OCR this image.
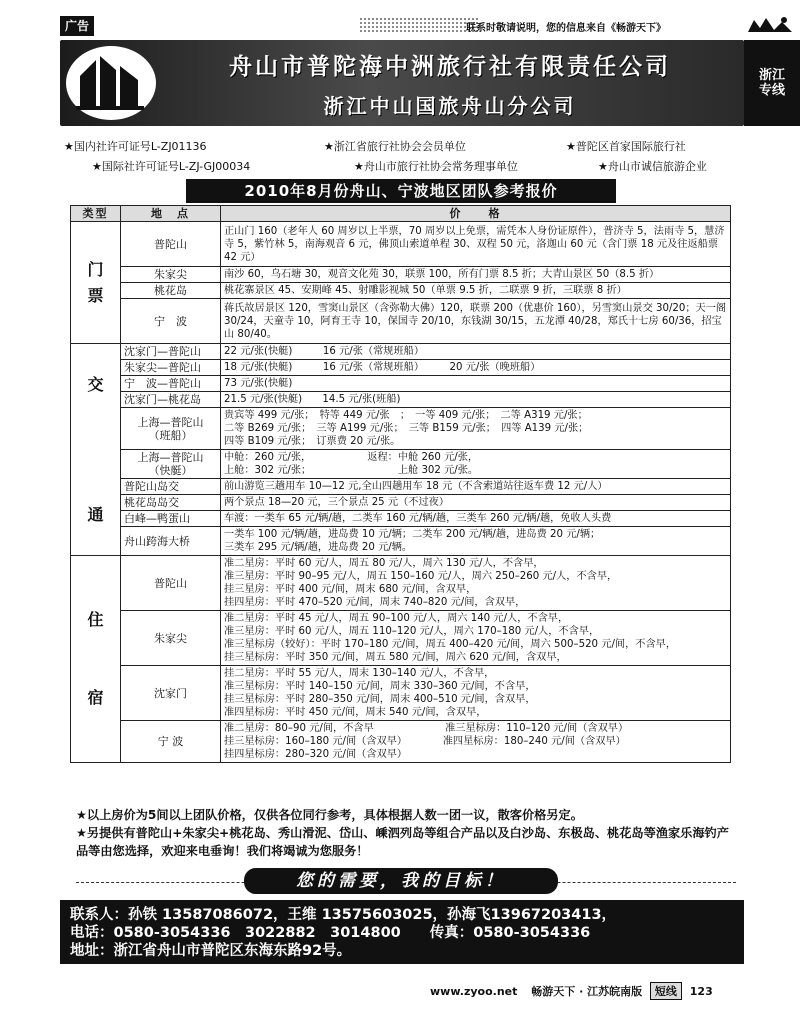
广告	联系时敬请说明，您的信息来自《畅游天下》
舟山市普陀海中洲旅行社有限责任公司
浙江中山国旅舟山分公司
浙江专线
★国内社许可证号L-ZJ01136	★浙江省旅行社协会会员单位	★普陀区首家国际旅行社
★国际社许可证号L-ZJ-GJ00034	★舟山市旅行社协会常务理事单位	★舟山市诚信旅游企业
2010年8月份舟山、宁波地区团队参考报价
类型	地　点	价　　格
门
票	普陀山	正山门 160（老年人 60 周岁以上半票，70 周岁以上免票，需凭本人身份证原件），普济寺 5，法雨寺 5，慧济寺 5，紫竹林 5，南海观音 6 元，佛顶山索道单程 30、双程 50 元，洛迦山 60 元（含门票 18 元及往返船票 42 元）
	朱家尖	南沙 60，乌石塘 30，观音文化苑 30，联票 100，所有门票 8.5 折；大青山景区 50（8.5 折）
	桃花岛	桃花寨景区 45、安期峰 45、射雕影视城 50（单票 9.5 折，二联票 9 折，三联票 8 折）
	宁　波	蒋氏故居景区 120，雪窦山景区（含弥勒大佛）120，联票 200（优惠价 160），另雪窦山景交 30/20；天一阁 30/24，天童寺 10，阿育王寺 10，保国寺 20/10，东钱湖 30/15，五龙潭 40/28，郑氏十七房 60/36，招宝山 80/40。
交

通	沈家门—普陀山	22 元/张(快艇)　　　16 元/张（常规班船）
	朱家尖—普陀山	18 元/张(快艇)　　　16 元/张（常规班船）　　　20 元/张（晚班船）
	宁　波—普陀山	73 元/张(快艇)
	沈家门—桃花岛	21.5 元/张(快艇)　　14.5 元/张(班船)
	上海—普陀山
（班船）	贵宾等 499 元/张；　特等 449 元/张　；　一等 409 元/张；　二等 A319 元/张；
二等 B269 元/张；　三等 A199 元/张；　三等 B159 元/张；　四等 A139 元/张；
四等 B109 元/张；　订票费 20 元/张。
	上海—普陀山
（快艇）	中舱：260 元/张，　　　　　　返程：中舱 260 元/张，
上舱：302 元/张；　　　　　　　　　上舱 302 元/张。
	普陀山岛交	前山游览三趟用车 10—12 元,全山四趟用车 18 元（不含索道站往返车费 12 元/人）
	桃花岛岛交	两个景点 18—20 元，三个景点 25 元（不过夜）
	白峰—鸭蛋山	车渡：一类车 65 元/辆/趟，二类车 160 元/辆/趟，三类车 260 元/辆/趟，免收人头费
	舟山跨海大桥	一类车 100 元/辆/趟，进岛费 10 元/辆；二类车 200 元/辆/趟，进岛费 20 元/辆；
三类车 295 元/辆/趟，进岛费 20 元/辆。
住

宿	普陀山	准二星房：平时 60 元/人，周五 80 元/人，周六 130 元/人，不含早，
准三星房：平时 90–95 元/人，周五 150–160 元/人，周六 250–260 元/人，不含早，
挂三星房：平时 400 元/间，周末 680 元/间，含双早，
挂四星房：平时 470–520 元/间，周末 740–820 元/间，含双早，
	朱家尖	准二星房：平时 45 元/人，周五 90–100 元/人，周六 140 元/人，不含早，
准三星房：平时 60 元/人，周五 110–120 元/人，周六 170–180 元/人，不含早，
准三星标房（较好）：平时 170–180 元/间，周五 400–420 元/间，周六 500–520 元/间，不含早，
挂三星标房：平时 350 元/间，周五 580 元/间，周六 620 元/间，含双早，
	沈家门	挂二星房：平时 55 元/人，周末 130–140 元/人，不含早，
准三星标房：平时 140–150 元/间，周末 330–360 元/间，不含早，
挂三星标房：平时 280–350 元/间，周末 400–510 元/间，含双早，
准四星标房：平时 450 元/间，周末 540 元/间，含双早，
	宁 波	准二星房：80–90 元/间，不含早　　　　　　　准三星标房：110–120 元/间（含双早）
挂三星标房：160–180 元/间（含双早）　　　　准四星标房：180–240 元/间（含双早）
挂四星标房：280–320 元/间（含双早）
★以上房价为5间以上团队价格，仅供各位同行参考，具体根据人数一团一议，散客价格另定。
★另提供有普陀山+朱家尖+桃花岛、秀山滑泥、岱山、嵊泗列岛等组合产品以及白沙岛、东极岛、桃花岛等渔家乐海钓产品等由您选择，欢迎来电垂询！我们将竭诚为您服务！
您的需要，我的目标！
联系人：孙铁 13587086072，王维 13575603025，孙海飞13967203413，
电话：0580-3054336　3022882　3014800　　传真：0580-3054336
地址：浙江省舟山市普陀区东海东路92号。
www.zyoo.net 畅游天下 · 江苏皖南版 短线 123
